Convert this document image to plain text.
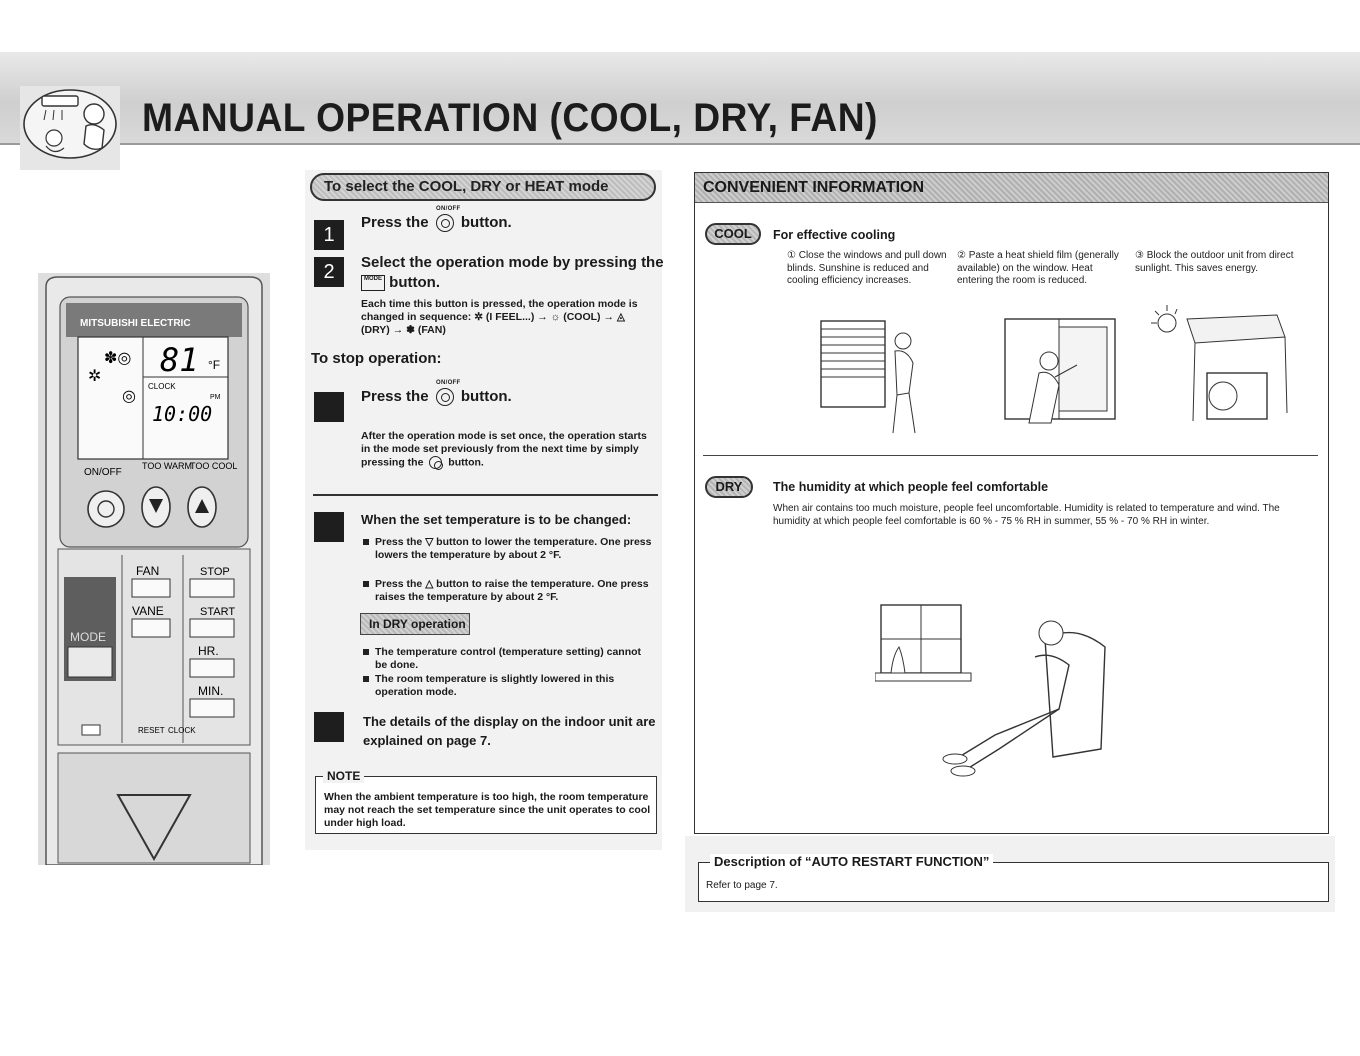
MANUAL OPERATION (COOL, DRY, FAN)
MITSUBISHI ELECTRIC
✲
✽◎
◎
81 °F
CLOCK
PM
10:00
ON/OFF
TOO WARM
TOO COOL
MODE
FAN
VANE
STOP
START
HR.
MIN.
RESET CLOCK
To select the COOL, DRY or HEAT mode
1
ON/OFF
Press the button.
2	Select the operation mode by pressing the
MODE button.
Each time this button is pressed, the operation mode is changed in sequence: ✲ (I FEEL...) → ☼ (COOL) → ◬ (DRY) → ✽ (FAN)
To stop operation:
ON/OFF
Press the button.
After the operation mode is set once, the operation starts in the mode set previously from the next time by simply pressing the button.
When the set temperature is to be changed:
Press the ▽ button to lower the temperature. One press lowers the temperature by about 2 °F.
Press the △ button to raise the temperature. One press raises the temperature by about 2 °F.
In DRY operation
The temperature control (temperature setting) cannot be done.
The room temperature is slightly lowered in this operation mode.
The details of the display on the indoor unit are explained on page 7.
When the ambient temperature is too high, the room temperature may not reach the set temperature since the unit operates to cool under high load.
NOTE
CONVENIENT INFORMATION
COOL	For effective cooling
① Close the windows and pull down blinds. Sunshine is reduced and cooling efficiency increases.
② Paste a heat shield film (generally available) on the window. Heat entering the room is reduced.
③ Block the outdoor unit from direct sunlight. This saves energy.
DRY	The humidity at which people feel comfortable
When air contains too much moisture, people feel uncomfortable. Humidity is related to temperature and wind. The humidity at which people feel comfortable is 60 % - 75 % RH in summer, 55 % - 70 % RH in winter.
Description of “AUTO RESTART FUNCTION”
Refer to page 7.
